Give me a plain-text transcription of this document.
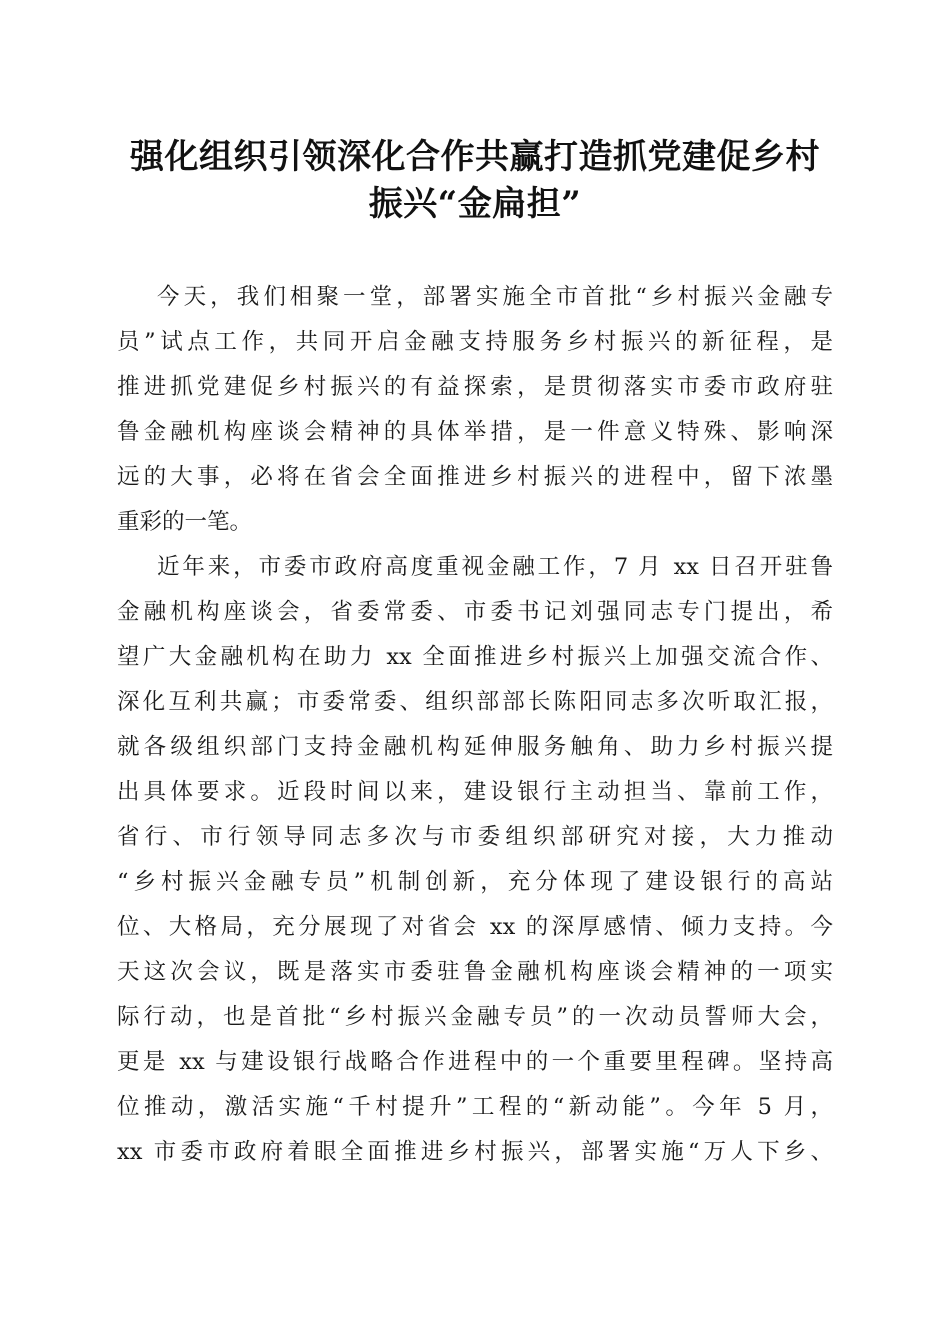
强化组织引领深化合作共赢打造抓党建促乡村
振兴“金扁担”
今天，我们相聚一堂，部署实施全市首批“乡村振兴金融专
员”试点工作，共同开启金融支持服务乡村振兴的新征程，是
推进抓党建促乡村振兴的有益探索，是贯彻落实市委市政府驻
鲁金融机构座谈会精神的具体举措，是一件意义特殊、影响深
远的大事，必将在省会全面推进乡村振兴的进程中，留下浓墨
重彩的一笔。
近年来，市委市政府高度重视金融工作，7 月 xx 日召开驻鲁
金融机构座谈会，省委常委、市委书记刘强同志专门提出，希
望广大金融机构在助力 xx 全面推进乡村振兴上加强交流合作、
深化互利共赢；市委常委、组织部部长陈阳同志多次听取汇报，
就各级组织部门支持金融机构延伸服务触角、助力乡村振兴提
出具体要求。近段时间以来，建设银行主动担当、靠前工作，
省行、市行领导同志多次与市委组织部研究对接，大力推动
“乡村振兴金融专员”机制创新，充分体现了建设银行的高站
位、大格局，充分展现了对省会 xx 的深厚感情、倾力支持。今
天这次会议，既是落实市委驻鲁金融机构座谈会精神的一项实
际行动，也是首批“乡村振兴金融专员”的一次动员誓师大会，
更是 xx 与建设银行战略合作进程中的一个重要里程碑。坚持高
位推动，激活实施“千村提升”工程的“新动能”。今年 5 月，
xx 市委市政府着眼全面推进乡村振兴，部署实施“万人下乡、
